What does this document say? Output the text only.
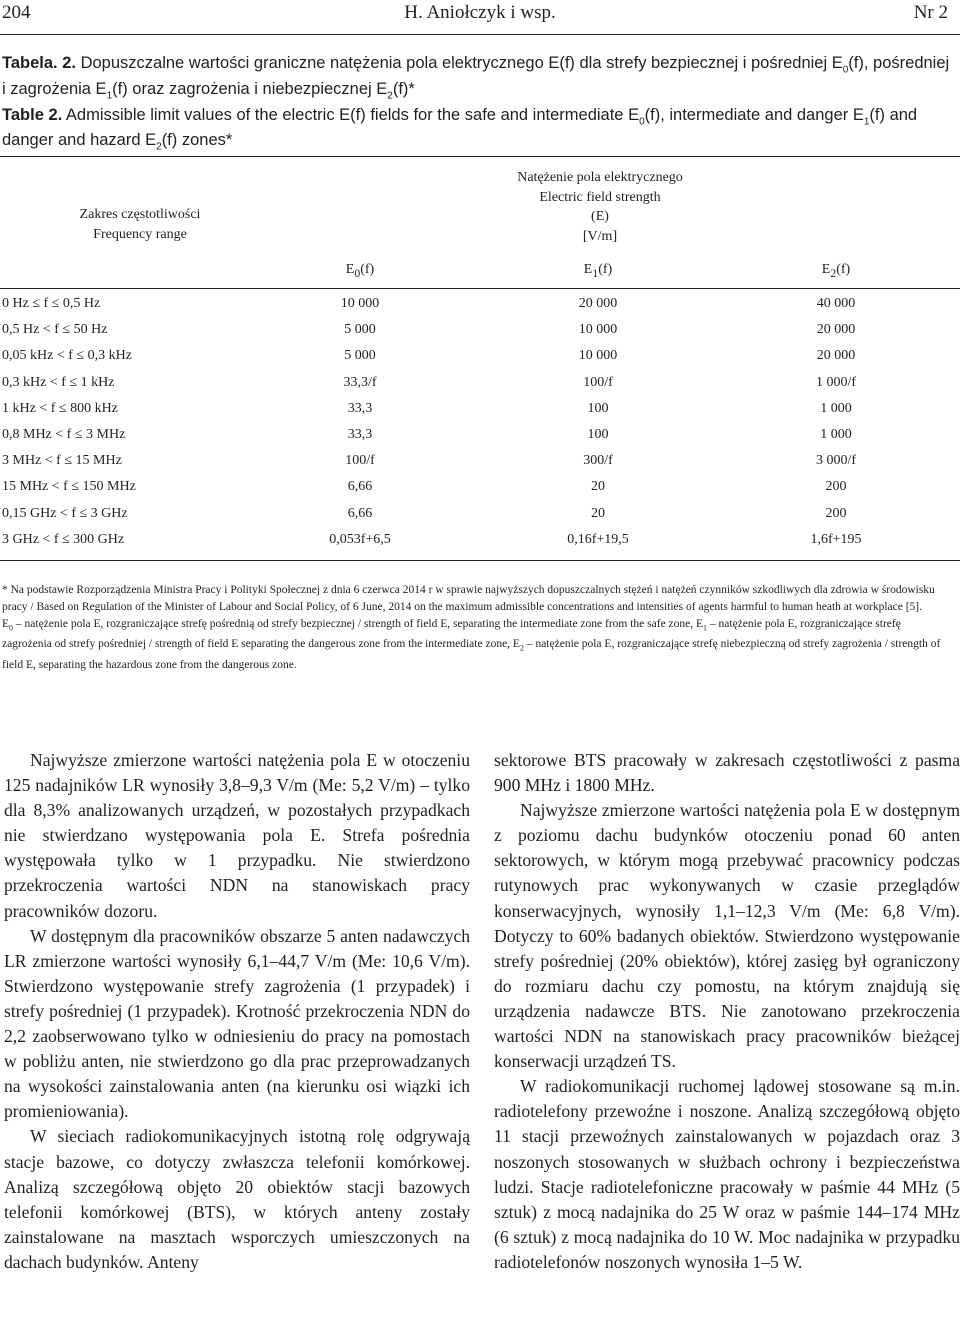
204	H. Aniołczyk i wsp.	Nr 2

Tabela. 2. Dopuszczalne wartości graniczne natężenia pola elektrycznego E(f) dla strefy bezpiecznej i pośredniej $E_0(f)$, pośredniej i zagrożenia $E_1(f)$ oraz zagrożenia i niebezpiecznej $E_2(f)*$

Table 2. Admissible limit values of the electric E(f) fields for the safe and intermediate $E_0(f)$, intermediate and danger $E_1(f)$ and danger and hazard $E_2(f)$ zones*

Zakres częstotliwości
Frequency range
Natężenie pola elektrycznego
Electric field strength
(E)
[V/m]
$E_0(f)$	$E_1(f)$	$E_2(f)$
0 Hz ≤ f ≤ 0,5 Hz	10 000	20 000	40 000
0,5 Hz < f ≤ 50 Hz	5 000	10 000	20 000
0,05 kHz < f ≤ 0,3 kHz	5 000	10 000	20 000
0,3 kHz < f ≤ 1 kHz	33,3/f	100/f	1 000/f
1 kHz < f ≤ 800 kHz	33,3	100	1 000
0,8 MHz < f ≤ 3 MHz	33,3	100	1 000
3 MHz < f ≤ 15 MHz	100/f	300/f	3 000/f
15 MHz < f ≤ 150 MHz	6,66	20	200
0,15 GHz < f ≤ 3 GHz	6,66	20	200
3 GHz < f ≤ 300 GHz	0,053f+6,5	0,16f+19,5	1,6f+195

* Na podstawie Rozporządzenia Ministra Pracy i Polityki Społecznej z dnia 6 czerwca 2014 r w sprawie najwyższych dopuszczalnych stężeń i natężeń czynników szkodliwych dla zdrowia w środowisku pracy / Based on Regulation of the Minister of Labour and Social Policy, of 6 June, 2014 on the maximum admissible concentrations and intensities of agents harmful to human heath at workplace [5].

$E_0$ – natężenie pola E, rozgraniczające strefę pośrednią od strefy bezpiecznej / strength of field E, separating the intermediate zone from the safe zone, $E_1$ – natężenie pola E, rozgraniczające strefę zagrożenia od strefy pośredniej / strength of field E separating the dangerous zone from the intermediate zone, $E_2$ – natężenie pola E, rozgraniczające strefę niebezpieczną od strefy zagrożenia / strength of field E, separating the hazardous zone from the dangerous zone.

Najwyższe zmierzone wartości natężenia pola E w otoczeniu 125 nadajników LR wynosiły 3,8–9,3 V/m (Me: 5,2 V/m) – tylko dla 8,3% analizowanych urządzeń, w pozostałych przypadkach nie stwierdzano występowania pola E. Strefa pośrednia występowała tylko w 1 przypadku. Nie stwierdzono przekroczenia wartości NDN na stanowiskach pracy pracowników dozoru.

W dostępnym dla pracowników obszarze 5 anten nadawczych LR zmierzone wartości wynosiły 6,1–44,7 V/m (Me: 10,6 V/m). Stwierdzono występowanie strefy zagrożenia (1 przypadek) i strefy pośredniej (1 przypadek). Krotność przekroczenia NDN do 2,2 zaobserwowano tylko w odniesieniu do pracy na pomostach w pobliżu anten, nie stwierdzono go dla prac przeprowadzanych na wysokości zainstalowania anten (na kierunku osi wiązki ich promieniowania).

W sieciach radiokomunikacyjnych istotną rolę odgrywają stacje bazowe, co dotyczy zwłaszcza telefonii komórkowej. Analizą szczegółową objęto 20 obiektów stacji bazowych telefonii komórkowej (BTS), w których anteny zostały zainstalowane na masztach wsporczych umieszczonych na dachach budynków. Anteny

sektorowe BTS pracowały w zakresach częstotliwości z pasma 900 MHz i 1800 MHz.

Najwyższe zmierzone wartości natężenia pola E w dostępnym z poziomu dachu budynków otoczeniu ponad 60 anten sektorowych, w którym mogą przebywać pracownicy podczas rutynowych prac wykonywanych w czasie przeglądów konserwacyjnych, wynosiły 1,1–12,3 V/m (Me: 6,8 V/m). Dotyczy to 60% badanych obiektów. Stwierdzono występowanie strefy pośredniej (20% obiektów), której zasięg był ograniczony do rozmiaru dachu czy pomostu, na którym znajdują się urządzenia nadawcze BTS. Nie zanotowano przekroczenia wartości NDN na stanowiskach pracy pracowników bieżącej konserwacji urządzeń TS.

W radiokomunikacji ruchomej lądowej stosowane są m.in. radiotelefony przewoźne i noszone. Analizą szczegółową objęto 11 stacji przewoźnych zainstalowanych w pojazdach oraz 3 noszonych stosowanych w służbach ochrony i bezpieczeństwa ludzi. Stacje radiotelefoniczne pracowały w paśmie 44 MHz (5 sztuk) z mocą nadajnika do 25 W oraz w paśmie 144–174 MHz (6 sztuk) z mocą nadajnika do 10 W. Moc nadajnika w przypadku radiotelefonów noszonych wynosiła 1–5 W.
